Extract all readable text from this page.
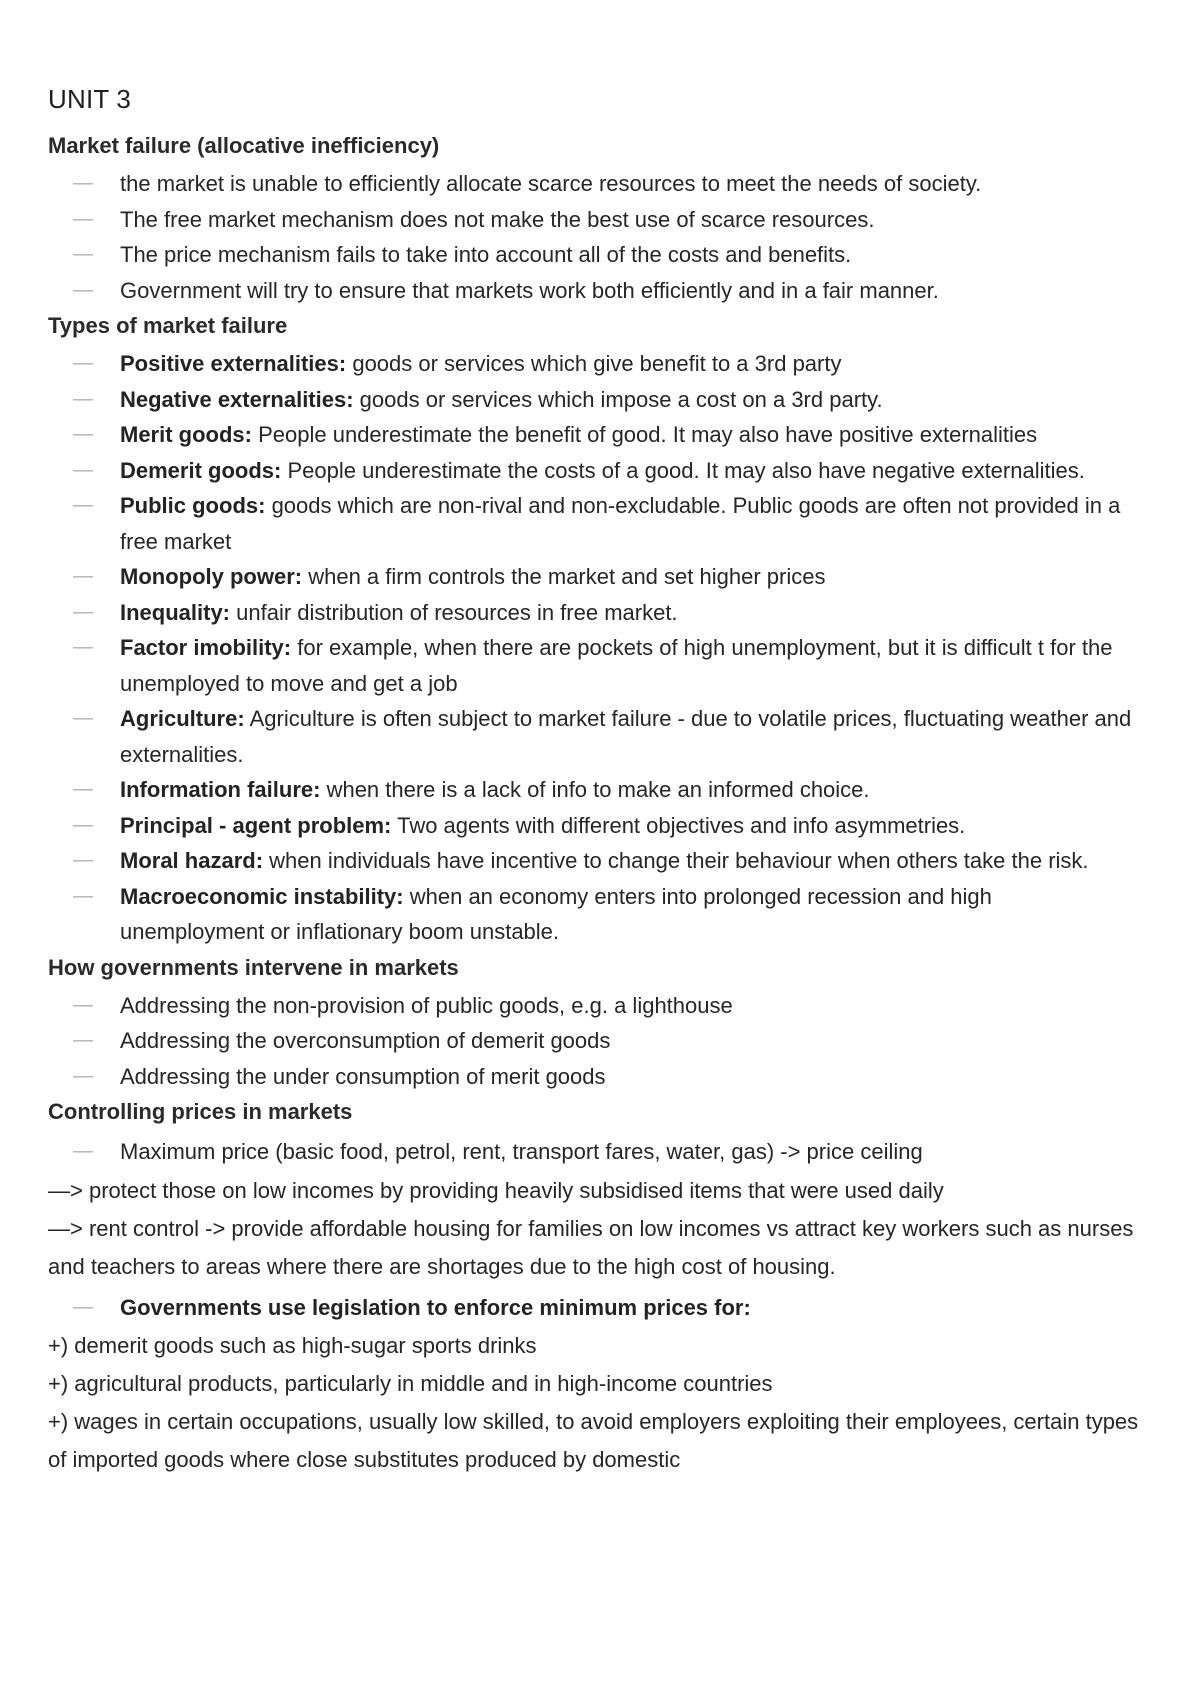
UNIT 3
Market failure (allocative inefficiency)
— the market is unable to efficiently allocate scarce resources to meet the needs of society.
— The free market mechanism does not make the best use of scarce resources.
— The price mechanism fails to take into account all of the costs and benefits.
— Government will try to ensure that markets work both efficiently and in a fair manner.
Types of market failure
— Positive externalities: goods or services which give benefit to a 3rd party
— Negative externalities: goods or services which impose a cost on a 3rd party.
— Merit goods: People underestimate the benefit of good. It may also have positive externalities
— Demerit goods: People underestimate the costs of a good. It may also have negative externalities.
— Public goods: goods which are non-rival and non-excludable. Public goods are often not provided in a free market
— Monopoly power: when a firm controls the market and set higher prices
— Inequality: unfair distribution of resources in free market.
— Factor imobility: for example, when there are pockets of high unemployment, but it is difficult t for the unemployed to move and get a job
— Agriculture: Agriculture is often subject to market failure - due to volatile prices, fluctuating weather and externalities.
— Information failure: when there is a lack of info to make an informed choice.
— Principal - agent problem: Two agents with different objectives and info asymmetries.
— Moral hazard: when individuals have incentive to change their behaviour when others take the risk.
— Macroeconomic instability: when an economy enters into prolonged recession and high unemployment or inflationary boom unstable.
How governments intervene in markets
— Addressing the non-provision of public goods, e.g. a lighthouse
— Addressing the overconsumption of demerit goods
— Addressing the under consumption of merit goods
Controlling prices in markets
— Maximum price (basic food, petrol, rent, transport fares, water, gas) -> price ceiling

—> protect those on low incomes by providing heavily subsidised items that were used daily

—> rent control -> provide affordable housing for families on low incomes vs attract key workers such as nurses and teachers to areas where there are shortages due to the high cost of housing.

— Governments use legislation to enforce minimum prices for:

+) demerit goods such as high-sugar sports drinks

+) agricultural products, particularly in middle and in high-income countries

+) wages in certain occupations, usually low skilled, to avoid employers exploiting their employees, certain types of imported goods where close substitutes produced by domestic
